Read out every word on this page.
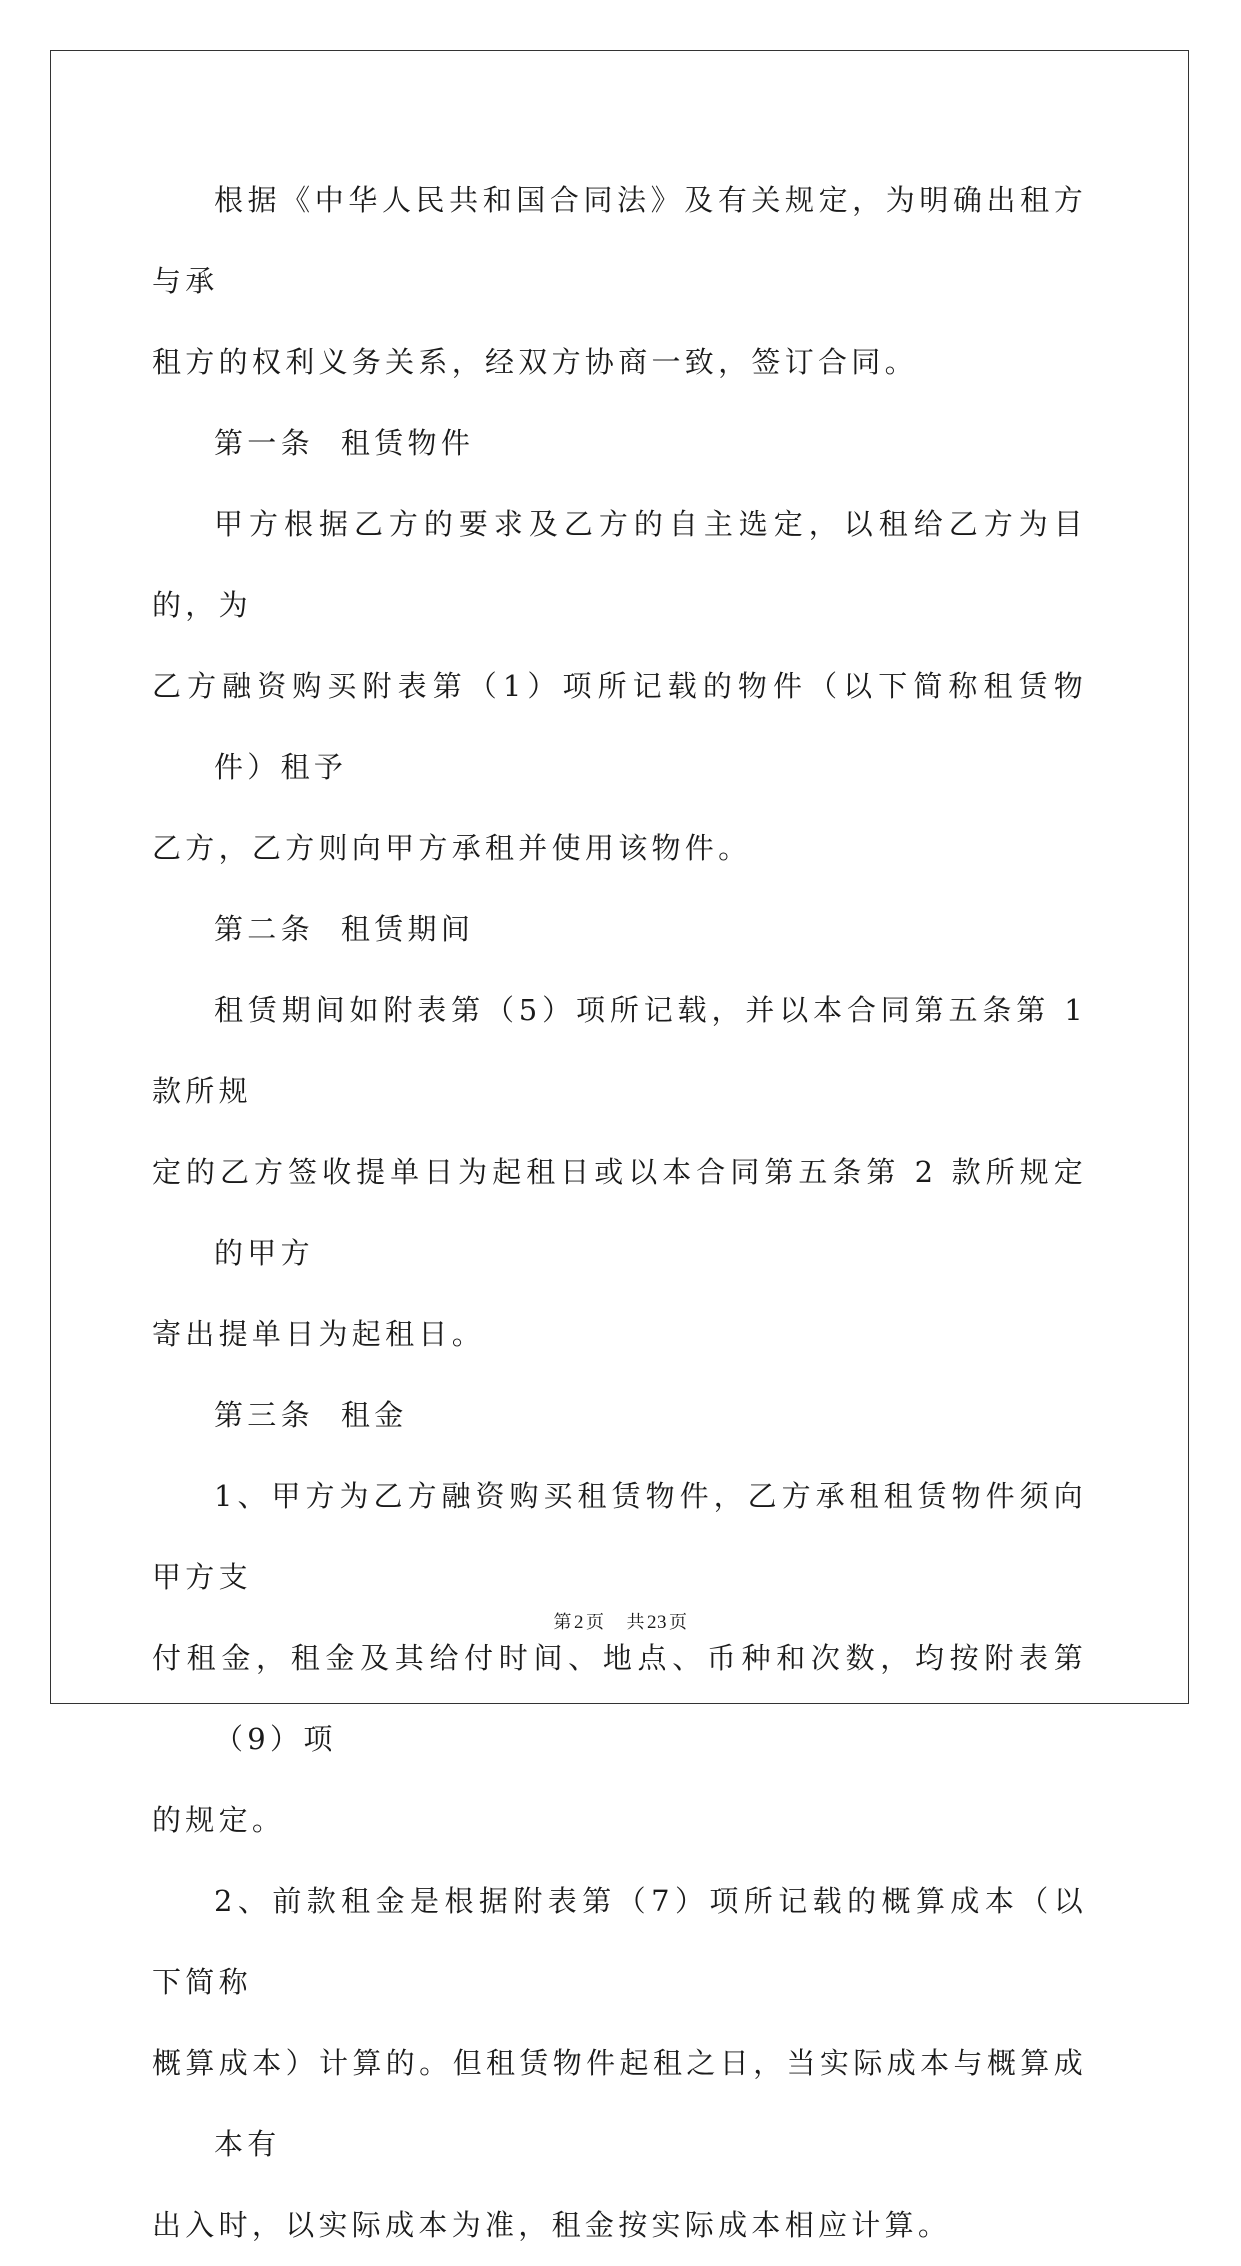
根据《中华人民共和国合同法》及有关规定，为明确出租方与承
租方的权利义务关系，经双方协商一致，签订合同。

第一条  租赁物件

甲方根据乙方的要求及乙方的自主选定，以租给乙方为目的，为
乙方融资购买附表第（1）项所记载的物件（以下简称租赁物件）租予
乙方，乙方则向甲方承租并使用该物件。

第二条  租赁期间

租赁期间如附表第（5）项所记载，并以本合同第五条第 1 款所规
定的乙方签收提单日为起租日或以本合同第五条第 2 款所规定的甲方
寄出提单日为起租日。

第三条  租金

1、甲方为乙方融资购买租赁物件，乙方承租租赁物件须向甲方支
付租金，租金及其给付时间、地点、币种和次数，均按附表第（9）项
的规定。

2、前款租金是根据附表第（7）项所记载的概算成本（以下简称
概算成本）计算的。但租赁物件起租之日，当实际成本与概算成本有
出入时，以实际成本为准，租金按实际成本相应计算。

第 2 页 共 23 页
